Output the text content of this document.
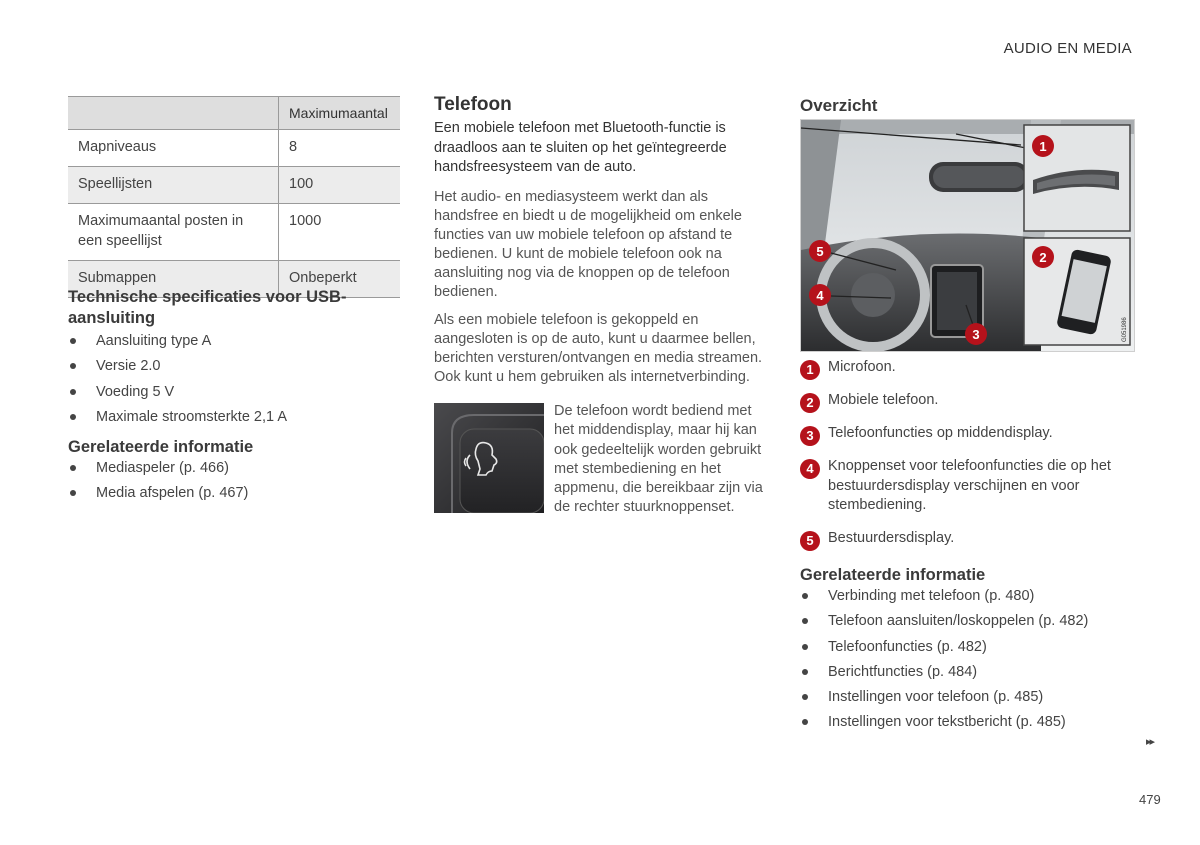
AUDIO EN MEDIA
	Maximumaantal
Mapniveaus	8
Speellijsten	100
Maximumaantal posten in een speellijst	1000
Submappen	Onbeperkt
Technische specificaties voor USB-aansluiting
Aansluiting type A
Versie 2.0
Voeding 5 V
Maximale stroomsterkte 2,1 A
Gerelateerde informatie
Mediaspeler (p. 466)
Media afspelen (p. 467)
Telefoon
Een mobiele telefoon met Bluetooth-functie is draadloos aan te sluiten op het geïntegreerde handsfreesysteem van de auto.
Het audio- en mediasysteem werkt dan als handsfree en biedt u de mogelijkheid om enkele functies van uw mobiele telefoon op afstand te bedienen. U kunt de mobiele telefoon ook na aansluiting nog via de knoppen op de telefoon bedienen.
Als een mobiele telefoon is gekoppeld en aangesloten is op de auto, kunt u daarmee bellen, berichten versturen/ontvangen en media streamen. Ook kunt u hem gebruiken als internetverbinding.
De telefoon wordt bediend met het middendisplay, maar hij kan ook gedeeltelijk worden gebruikt met stembediening en het appmenu, die bereikbaar zijn via de rechter stuurknoppenset.
Overzicht
G051986
1
2
3
4
5
1 Microfoon.
2 Mobiele telefoon.
3 Telefoonfuncties op middendisplay.
4 Knoppenset voor telefoonfuncties die op het bestuurdersdisplay verschijnen en voor stembediening.
5 Bestuurdersdisplay.
Gerelateerde informatie
Verbinding met telefoon (p. 480)
Telefoon aansluiten/loskoppelen (p. 482)
Telefoonfuncties (p. 482)
Berichtfuncties (p. 484)
Instellingen voor telefoon (p. 485)
Instellingen voor tekstbericht (p. 485)
▸▸
479
